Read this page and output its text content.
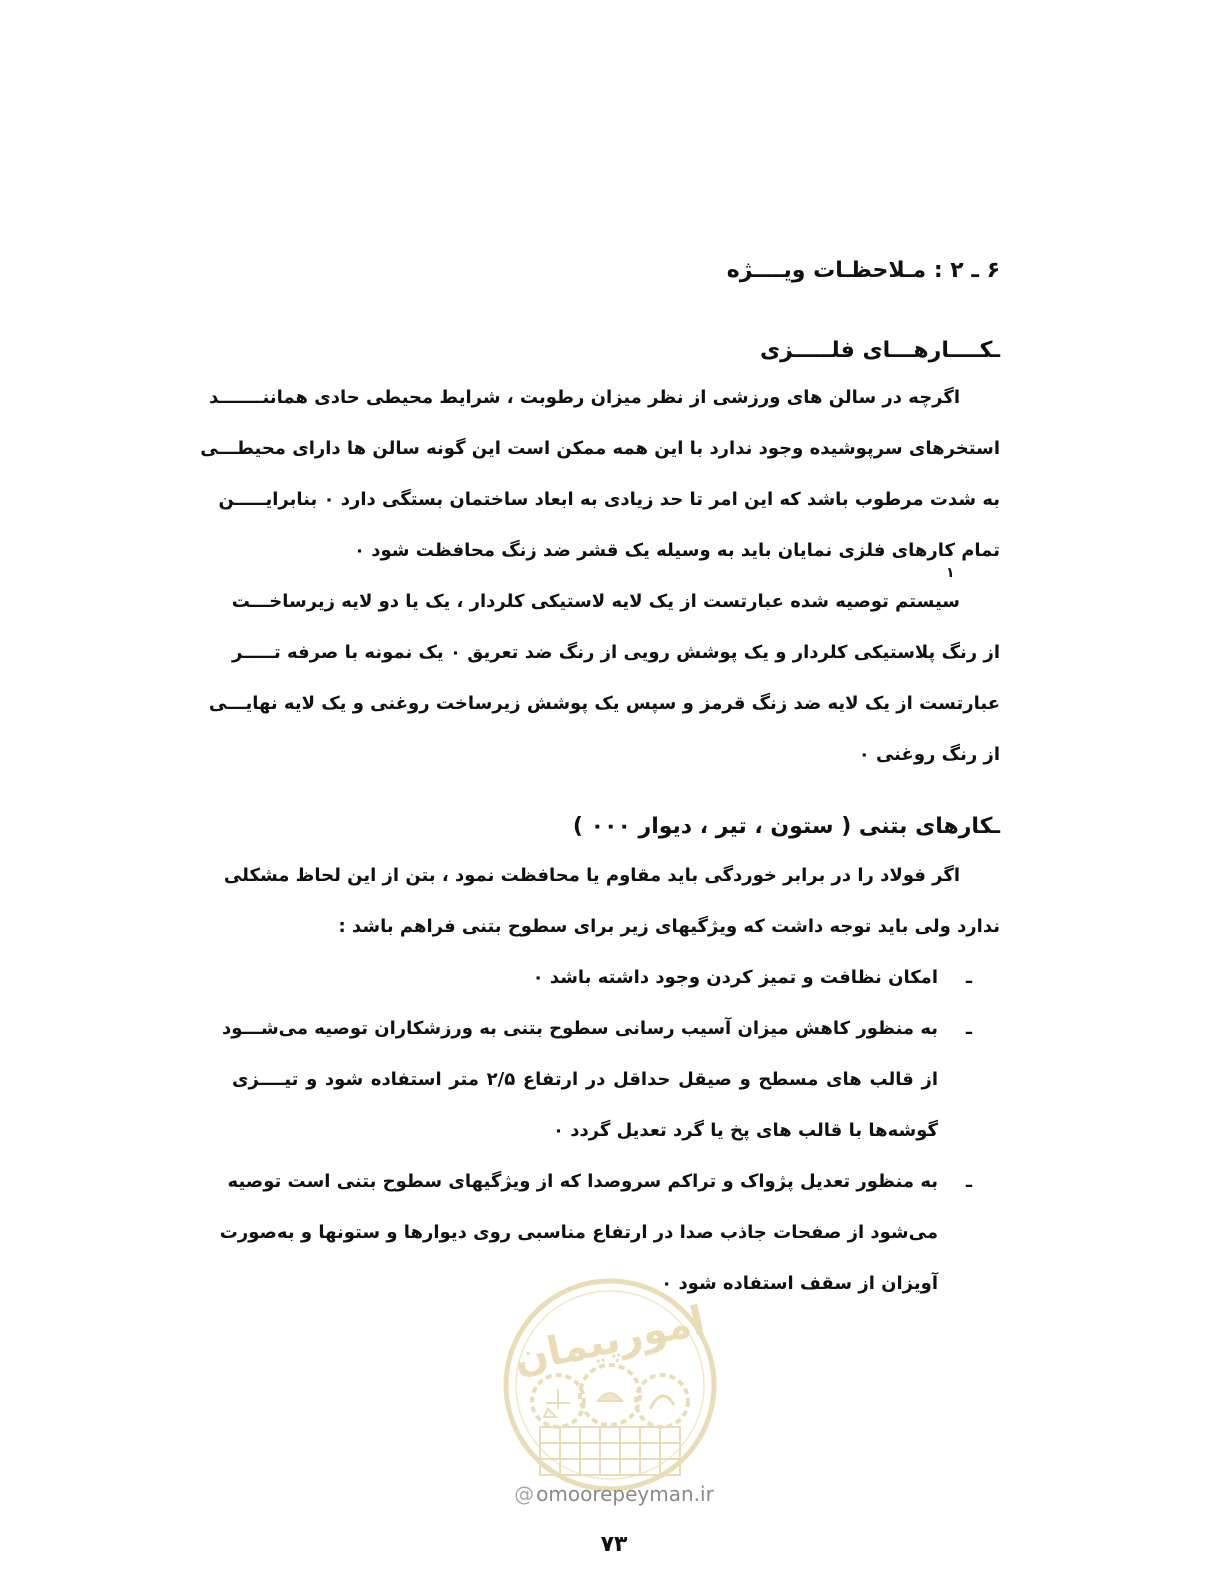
۶ ـ ۲ : مـلاحظـات ویــــژه
ـکــــارهـــای فلـــــزی
اگرچه در سالن های ورزشی از نظر میزان رطوبت ، شرایط محیطی حادی هماننـــــــد
استخرهای سرپوشیده وجود ندارد با این همه ممکن است این گونه سالن ها دارای محیطـــی
به شدت مرطوب باشد که این امر تا حد زیادی به ابعاد ساختمان بستگی دارد ۰ بنابرایـــــن
تمام کارهای فلزی نمایان باید به وسیله یک قشر ضد زنگ محافظت شود ۰
سیستم توصیه شده عبارتست از یک لایه لاستیکی کلردار ، یک یا دو لایه زیرساخـــت
از رنگ پلاستیکی کلردار و یک پوشش رویی از رنگ ضد تعریق ۰ یک نمونه با صرفه تـــــر
عبارتست از یک لایه ضد زنگ قرمز و سپس یک پوشش زیرساخت روغنی و یک لایه نهایـــی
از رنگ روغنی ۰
۱
ـکارهای بتنی ( ستون ، تیر ، دیوار ۰۰۰ )
اگر فولاد را در برابر خوردگی باید مقاوم یا محافظت نمود ، بتن از این لحاظ مشکلی
ندارد ولی باید توجه داشت که ویژگیهای زیر برای سطوح بتنی فراهم باشد :
ـ
امکان نظافت و تمیز کردن وجود داشته باشد ۰
ـ
به منظور کاهش میزان آسیب رسانی سطوح بتنی به ورزشکاران توصیه می‌شـــود
از قالب های مسطح و صیقل حداقل در ارتفاع ۲/۵ متر استفاده شود و تیــــزی
گوشه‌ها با قالب های پخ یا گرد تعدیل گردد ۰
ـ
به منظور تعدیل پژواک و تراکم سروصدا که از ویژگیهای سطوح بتنی است توصیه
می‌شود از صفحات جاذب صدا در ارتفاع مناسبی روی دیوارها و ستونها و به‌صورت
آویزان از سقف استفاده شود ۰
امورپیمان
@ omoorepeyman.ir
۷۳
